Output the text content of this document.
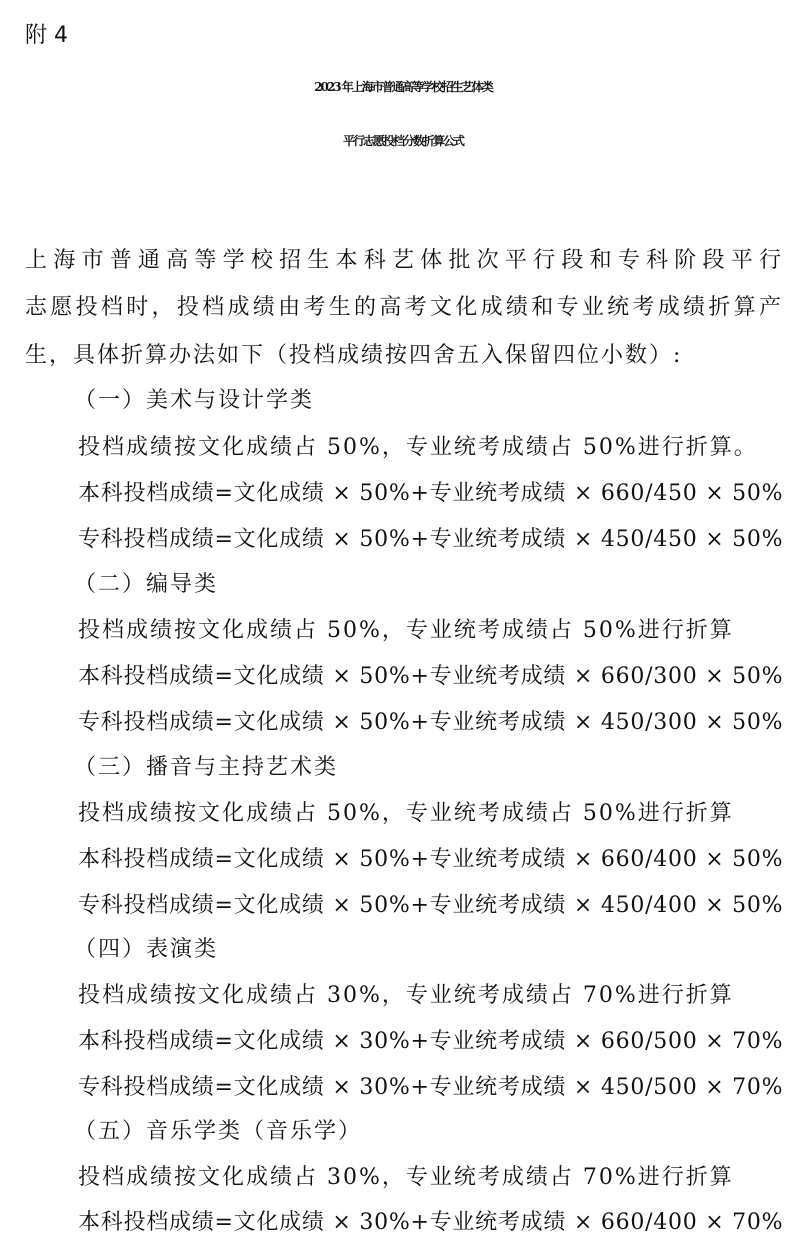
附 4
2023 年上海市普通高等学校招生艺体类
平行志愿投档分数折算公式
上海市普通高等学校招生本科艺体批次平行段和专科阶段平行
志愿投档时，投档成绩由考生的高考文化成绩和专业统考成绩折算产
生，具体折算办法如下（投档成绩按四舍五入保留四位小数）:
（一）美术与设计学类
投档成绩按文化成绩占 50%，专业统考成绩占 50%进行折算。
本科投档成绩=文化成绩 × 50%+专业统考成绩 × 660/450 × 50%
专科投档成绩=文化成绩 × 50%+专业统考成绩 × 450/450 × 50%
（二）编导类
投档成绩按文化成绩占 50%，专业统考成绩占 50%进行折算
本科投档成绩=文化成绩 × 50%+专业统考成绩 × 660/300 × 50%
专科投档成绩=文化成绩 × 50%+专业统考成绩 × 450/300 × 50%
（三）播音与主持艺术类
投档成绩按文化成绩占 50%，专业统考成绩占 50%进行折算
本科投档成绩=文化成绩 × 50%+专业统考成绩 × 660/400 × 50%
专科投档成绩=文化成绩 × 50%+专业统考成绩 × 450/400 × 50%
（四）表演类
投档成绩按文化成绩占 30%，专业统考成绩占 70%进行折算
本科投档成绩=文化成绩 × 30%+专业统考成绩 × 660/500 × 70%
专科投档成绩=文化成绩 × 30%+专业统考成绩 × 450/500 × 70%
（五）音乐学类（音乐学）
投档成绩按文化成绩占 30%，专业统考成绩占 70%进行折算
本科投档成绩=文化成绩 × 30%+专业统考成绩 × 660/400 × 70%
